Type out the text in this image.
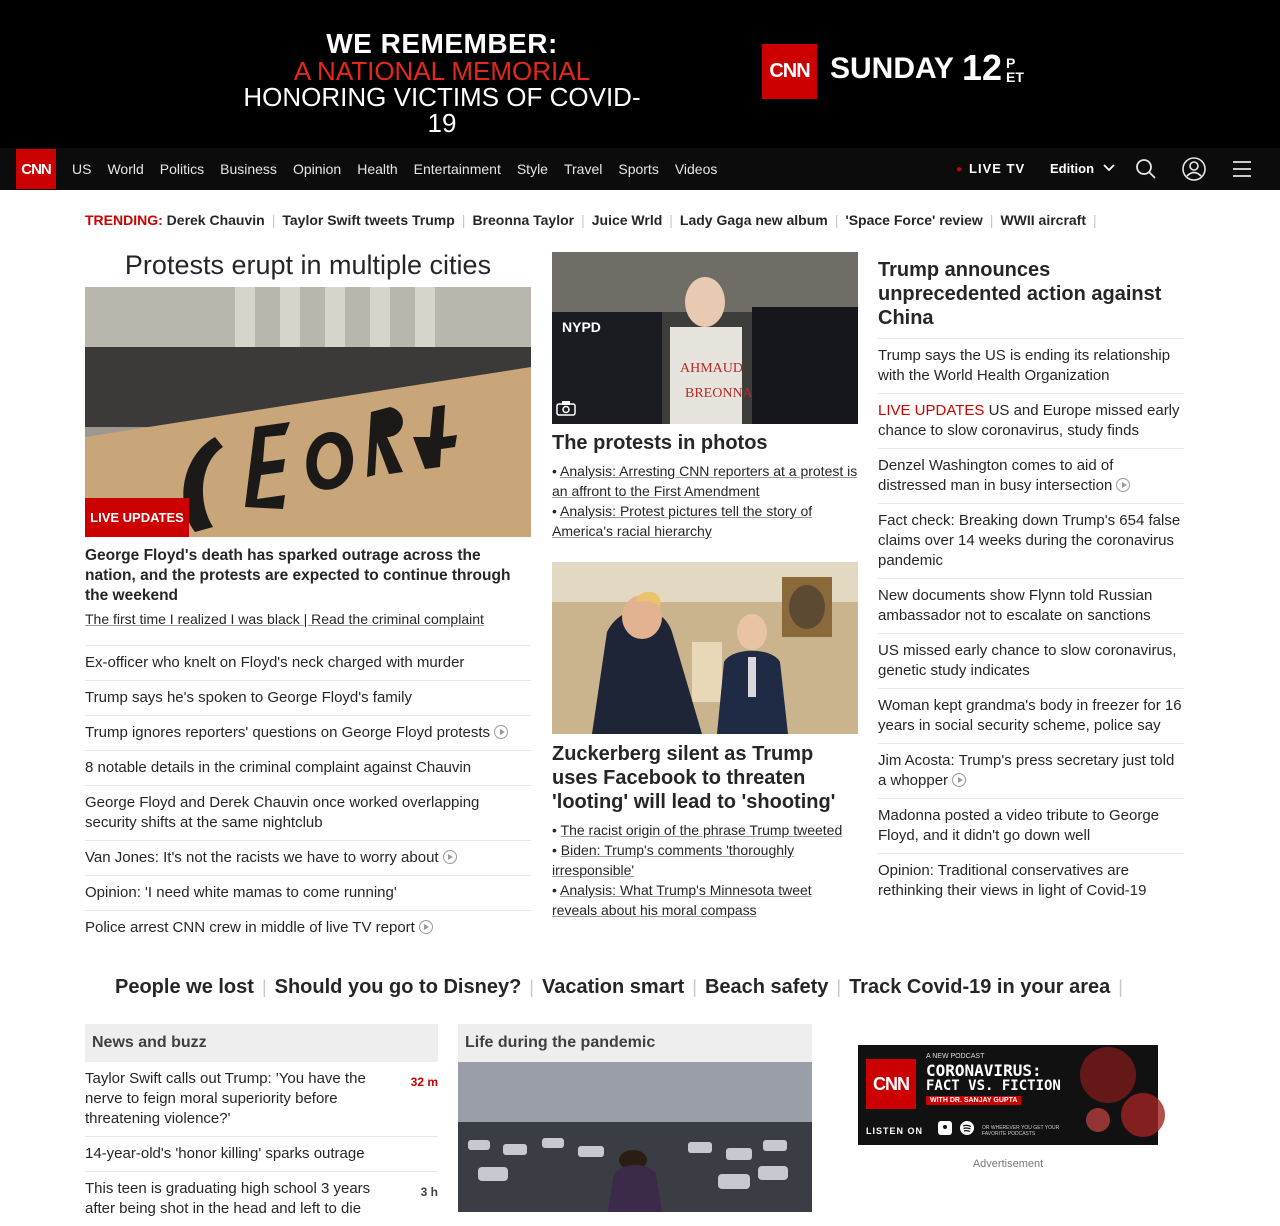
WE REMEMBER:
A NATIONAL MEMORIAL
HONORING VICTIMS OF COVID-19
CNN SUNDAY 12 P
ET
CNN	US World Politics Business Opinion Health Entertainment Style Travel Sports Videos	● LIVE TV Edition
TRENDING: Derek Chauvin | Taylor Swift tweets Trump | Breonna Taylor | Juice Wrld | Lady Gaga new album | 'Space Force' review | WWII aircraft |
Protests erupt in multiple cities
LIVE UPDATES
George Floyd's death has sparked outrage across the nation, and the protests are expected to continue through the weekend
The first time I realized I was black | Read the criminal complaint
Ex-officer who knelt on Floyd's neck charged with murder
Trump says he's spoken to George Floyd's family
Trump ignores reporters' questions on George Floyd protests
8 notable details in the criminal complaint against Chauvin
George Floyd and Derek Chauvin once worked overlapping security shifts at the same nightclub
Van Jones: It's not the racists we have to worry about
Opinion: 'I need white mamas to come running'
Police arrest CNN crew in middle of live TV report
AHMAUD
BREONNA
NYPD
The protests in photos
• Analysis: Arresting CNN reporters at a protest is an affront to the First Amendment
• Analysis: Protest pictures tell the story of America's racial hierarchy
Zuckerberg silent as Trump uses Facebook to threaten 'looting' will lead to 'shooting'
• The racist origin of the phrase Trump tweeted
• Biden: Trump's comments 'thoroughly irresponsible'
• Analysis: What Trump's Minnesota tweet reveals about his moral compass
Trump announces unprecedented action against China
Trump says the US is ending its relationship with the World Health Organization
LIVE UPDATES US and Europe missed early chance to slow coronavirus, study finds
Denzel Washington comes to aid of distressed man in busy intersection
Fact check: Breaking down Trump's 654 false claims over 14 weeks during the coronavirus pandemic
New documents show Flynn told Russian ambassador not to escalate on sanctions
US missed early chance to slow coronavirus, genetic study indicates
Woman kept grandma's body in freezer for 16 years in social security scheme, police say
Jim Acosta: Trump's press secretary just told a whopper
Madonna posted a video tribute to George Floyd, and it didn't go down well
Opinion: Traditional conservatives are rethinking their views in light of Covid-19
People we lost | Should you go to Disney? | Vacation smart | Beach safety | Track Covid-19 in your area |
News and buzz
Taylor Swift calls out Trump: 'You have the nerve to feign moral superiority before threatening violence?'
32 m
14-year-old's 'honor killing' sparks outrage
This teen is graduating high school 3 years after being shot in the head and left to die
3 h
Life during the pandemic
CNN
A NEW PODCAST
CORONAVIRUS:
FACT VS. FICTION
WITH DR. SANJAY GUPTA
LISTEN ON	OR WHEREVER YOU GET YOUR FAVORITE PODCASTS
Advertisement
